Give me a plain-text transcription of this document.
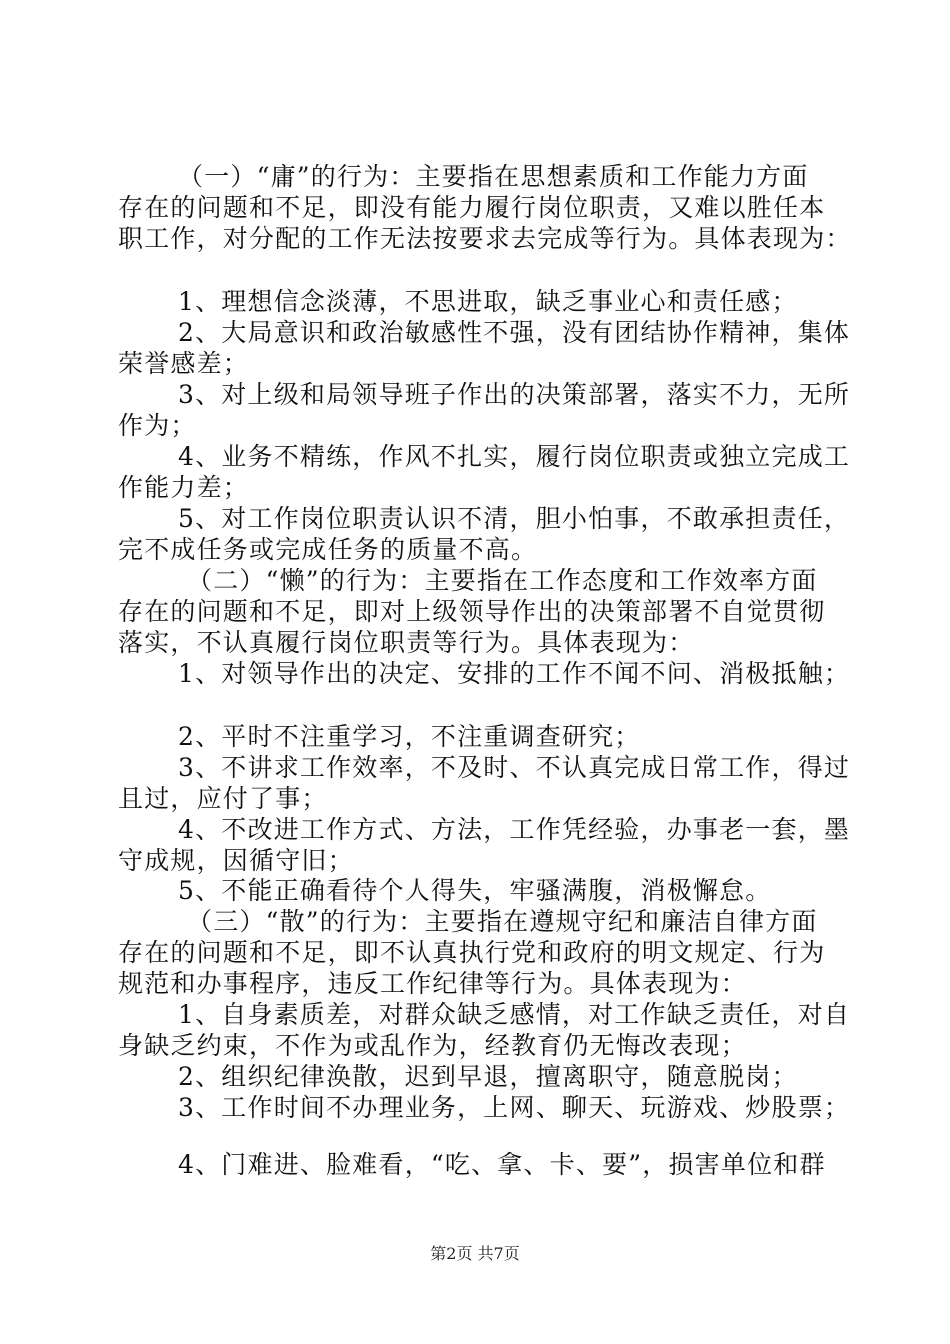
（一）“庸”的行为：主要指在思想素质和工作能力方面
存在的问题和不足，即没有能力履行岗位职责，又难以胜任本
职工作，对分配的工作无法按要求去完成等行为。具体表现为：
1、理想信念淡薄，不思进取，缺乏事业心和责任感；
2、大局意识和政治敏感性不强，没有团结协作精神，集体
荣誉感差；
3、对上级和局领导班子作出的决策部署，落实不力，无所
作为；
4、业务不精练，作风不扎实，履行岗位职责或独立完成工
作能力差；
5、对工作岗位职责认识不清，胆小怕事，不敢承担责任，
完不成任务或完成任务的质量不高。
（二）“懒”的行为：主要指在工作态度和工作效率方面
存在的问题和不足，即对上级领导作出的决策部署不自觉贯彻
落实，不认真履行岗位职责等行为。具体表现为：
1、对领导作出的决定、安排的工作不闻不问、消极抵触；
2、平时不注重学习，不注重调查研究；
3、不讲求工作效率，不及时、不认真完成日常工作，得过
且过，应付了事；
4、不改进工作方式、方法，工作凭经验，办事老一套，墨
守成规，因循守旧；
5、不能正确看待个人得失，牢骚满腹，消极懈怠。
（三）“散”的行为：主要指在遵规守纪和廉洁自律方面
存在的问题和不足，即不认真执行党和政府的明文规定、行为
规范和办事程序，违反工作纪律等行为。具体表现为：
1、自身素质差，对群众缺乏感情，对工作缺乏责任，对自
身缺乏约束，不作为或乱作为，经教育仍无悔改表现；
2、组织纪律涣散，迟到早退，擅离职守，随意脱岗；
3、工作时间不办理业务，上网、聊天、玩游戏、炒股票；
4、门难进、脸难看，“吃、拿、卡、要”，损害单位和群
第2页 共7页
